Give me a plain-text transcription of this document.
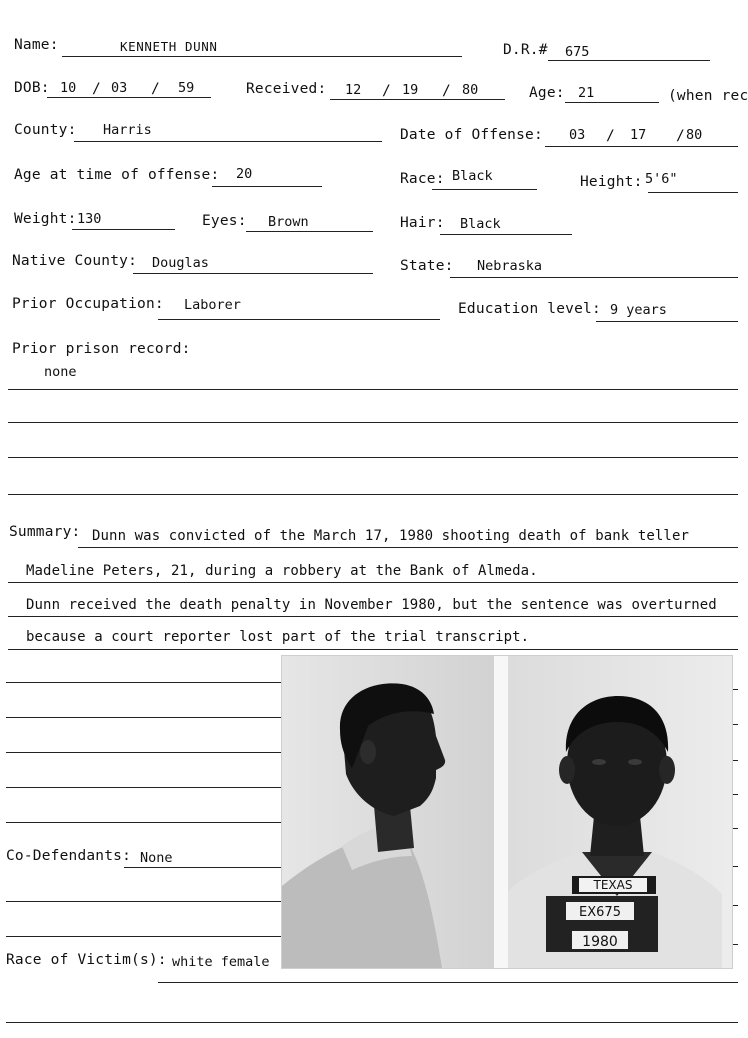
Name:	KENNETH DUNN	D.R.# 675
DOB: 10 / 03 / 59	Received: 12 / 19 / 80	Age: 21	(when rec
County: Harris	Date of Offense: 03 / 17 / 80
Age at time of offense: 20	Race: Black	Height: 5'6"
Weight: 130	Eyes: Brown	Hair: Black
Native County: Douglas	State: Nebraska
Prior Occupation: Laborer	Education level: 9 years
Prior prison record:
none
Summary: Dunn was convicted of the March 17, 1980 shooting death of bank teller
Madeline Peters, 21, during a robbery at the Bank of Almeda.
Dunn received the death penalty in November 1980, but the sentence was overturned
because a court reporter lost part of the trial transcript.
Co-Defendants: None
Race of Victim(s): white female
TEXAS
EX675
1980
